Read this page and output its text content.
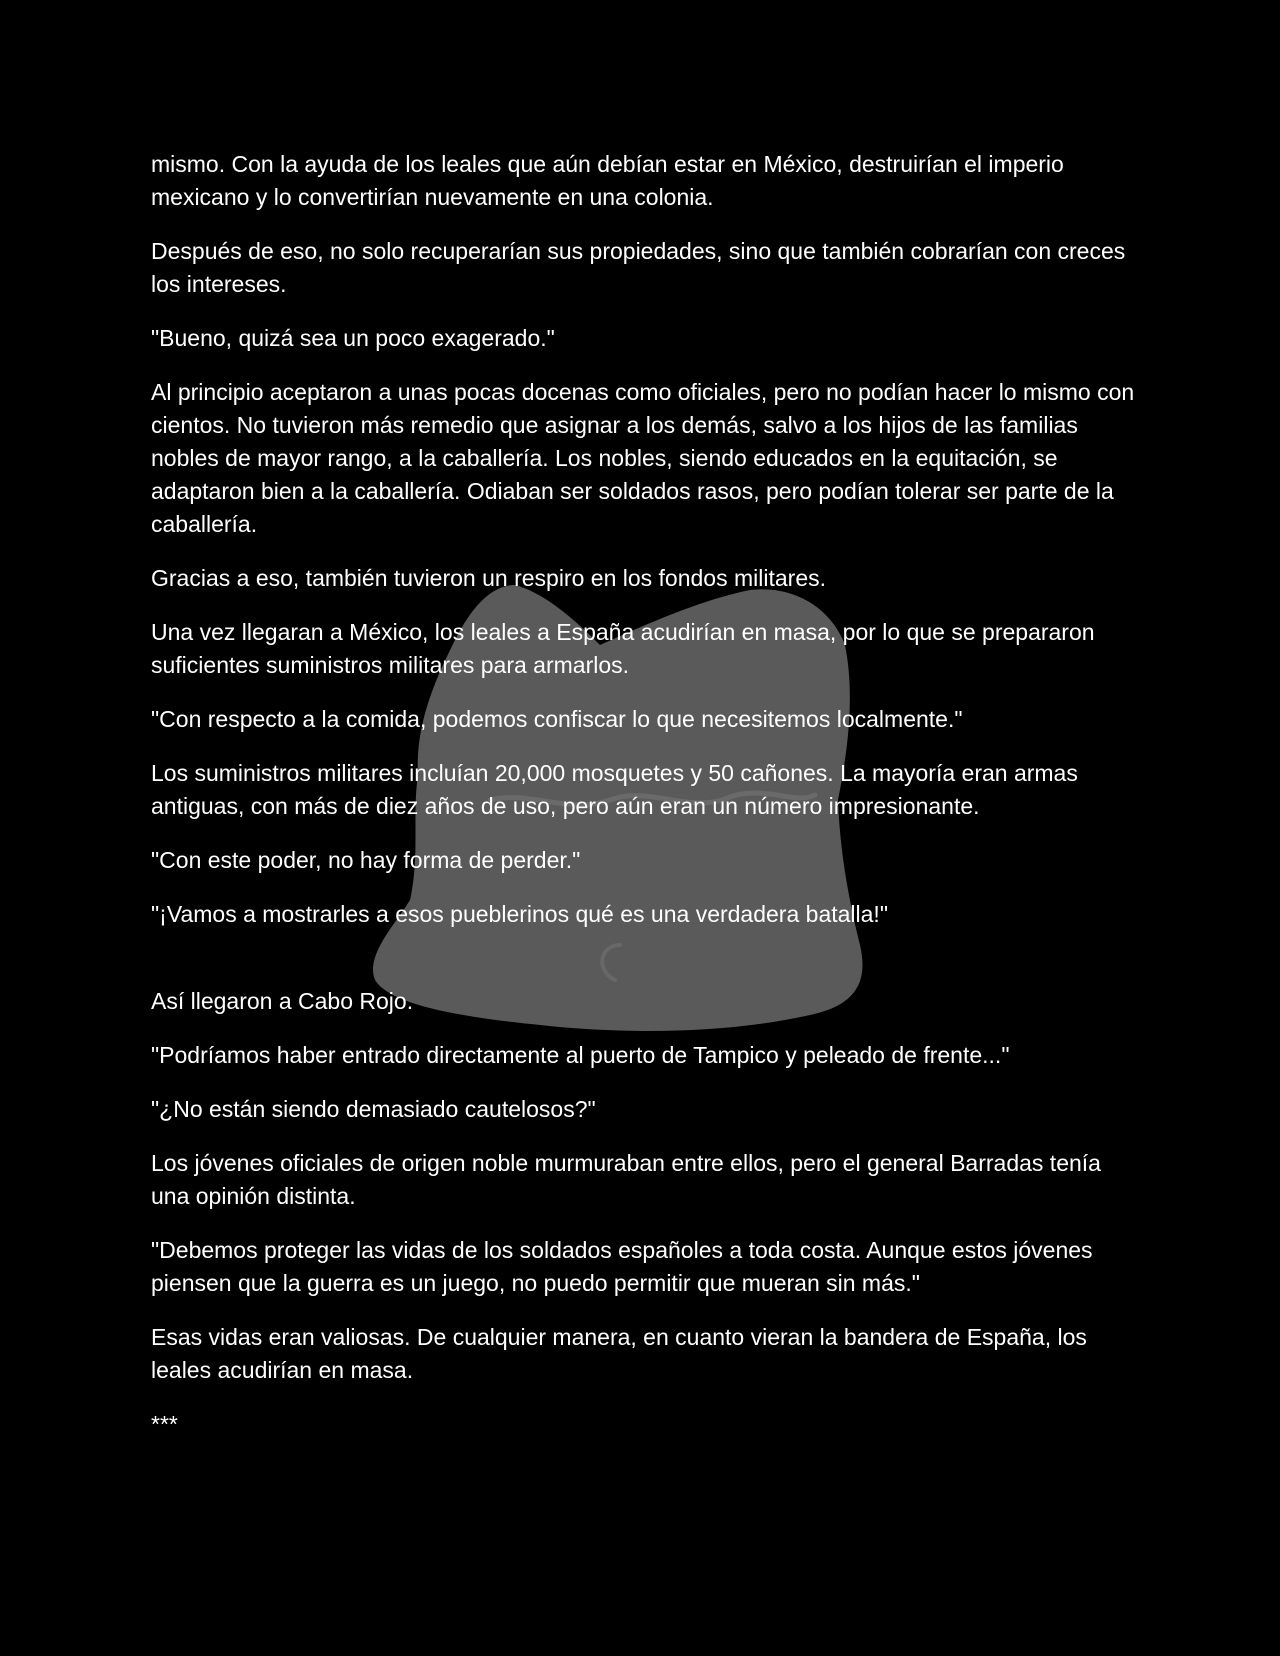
mismo. Con la ayuda de los leales que aún debían estar en México, destruirían el imperio mexicano y lo convertirían nuevamente en una colonia.

Después de eso, no solo recuperarían sus propiedades, sino que también cobrarían con creces los intereses.

"Bueno, quizá sea un poco exagerado."

Al principio aceptaron a unas pocas docenas como oficiales, pero no podían hacer lo mismo con cientos. No tuvieron más remedio que asignar a los demás, salvo a los hijos de las familias nobles de mayor rango, a la caballería. Los nobles, siendo educados en la equitación, se adaptaron bien a la caballería. Odiaban ser soldados rasos, pero podían tolerar ser parte de la caballería.

Gracias a eso, también tuvieron un respiro en los fondos militares.

Una vez llegaran a México, los leales a España acudirían en masa, por lo que se prepararon suficientes suministros militares para armarlos.

"Con respecto a la comida, podemos confiscar lo que necesitemos localmente."

Los suministros militares incluían 20,000 mosquetes y 50 cañones. La mayoría eran armas antiguas, con más de diez años de uso, pero aún eran un número impresionante.

"Con este poder, no hay forma de perder."

"¡Vamos a mostrarles a esos pueblerinos qué es una verdadera batalla!"

Así llegaron a Cabo Rojo.

"Podríamos haber entrado directamente al puerto de Tampico y peleado de frente..."

"¿No están siendo demasiado cautelosos?"

Los jóvenes oficiales de origen noble murmuraban entre ellos, pero el general Barradas tenía una opinión distinta.

"Debemos proteger las vidas de los soldados españoles a toda costa. Aunque estos jóvenes piensen que la guerra es un juego, no puedo permitir que mueran sin más."

Esas vidas eran valiosas. De cualquier manera, en cuanto vieran la bandera de España, los leales acudirían en masa.

***
